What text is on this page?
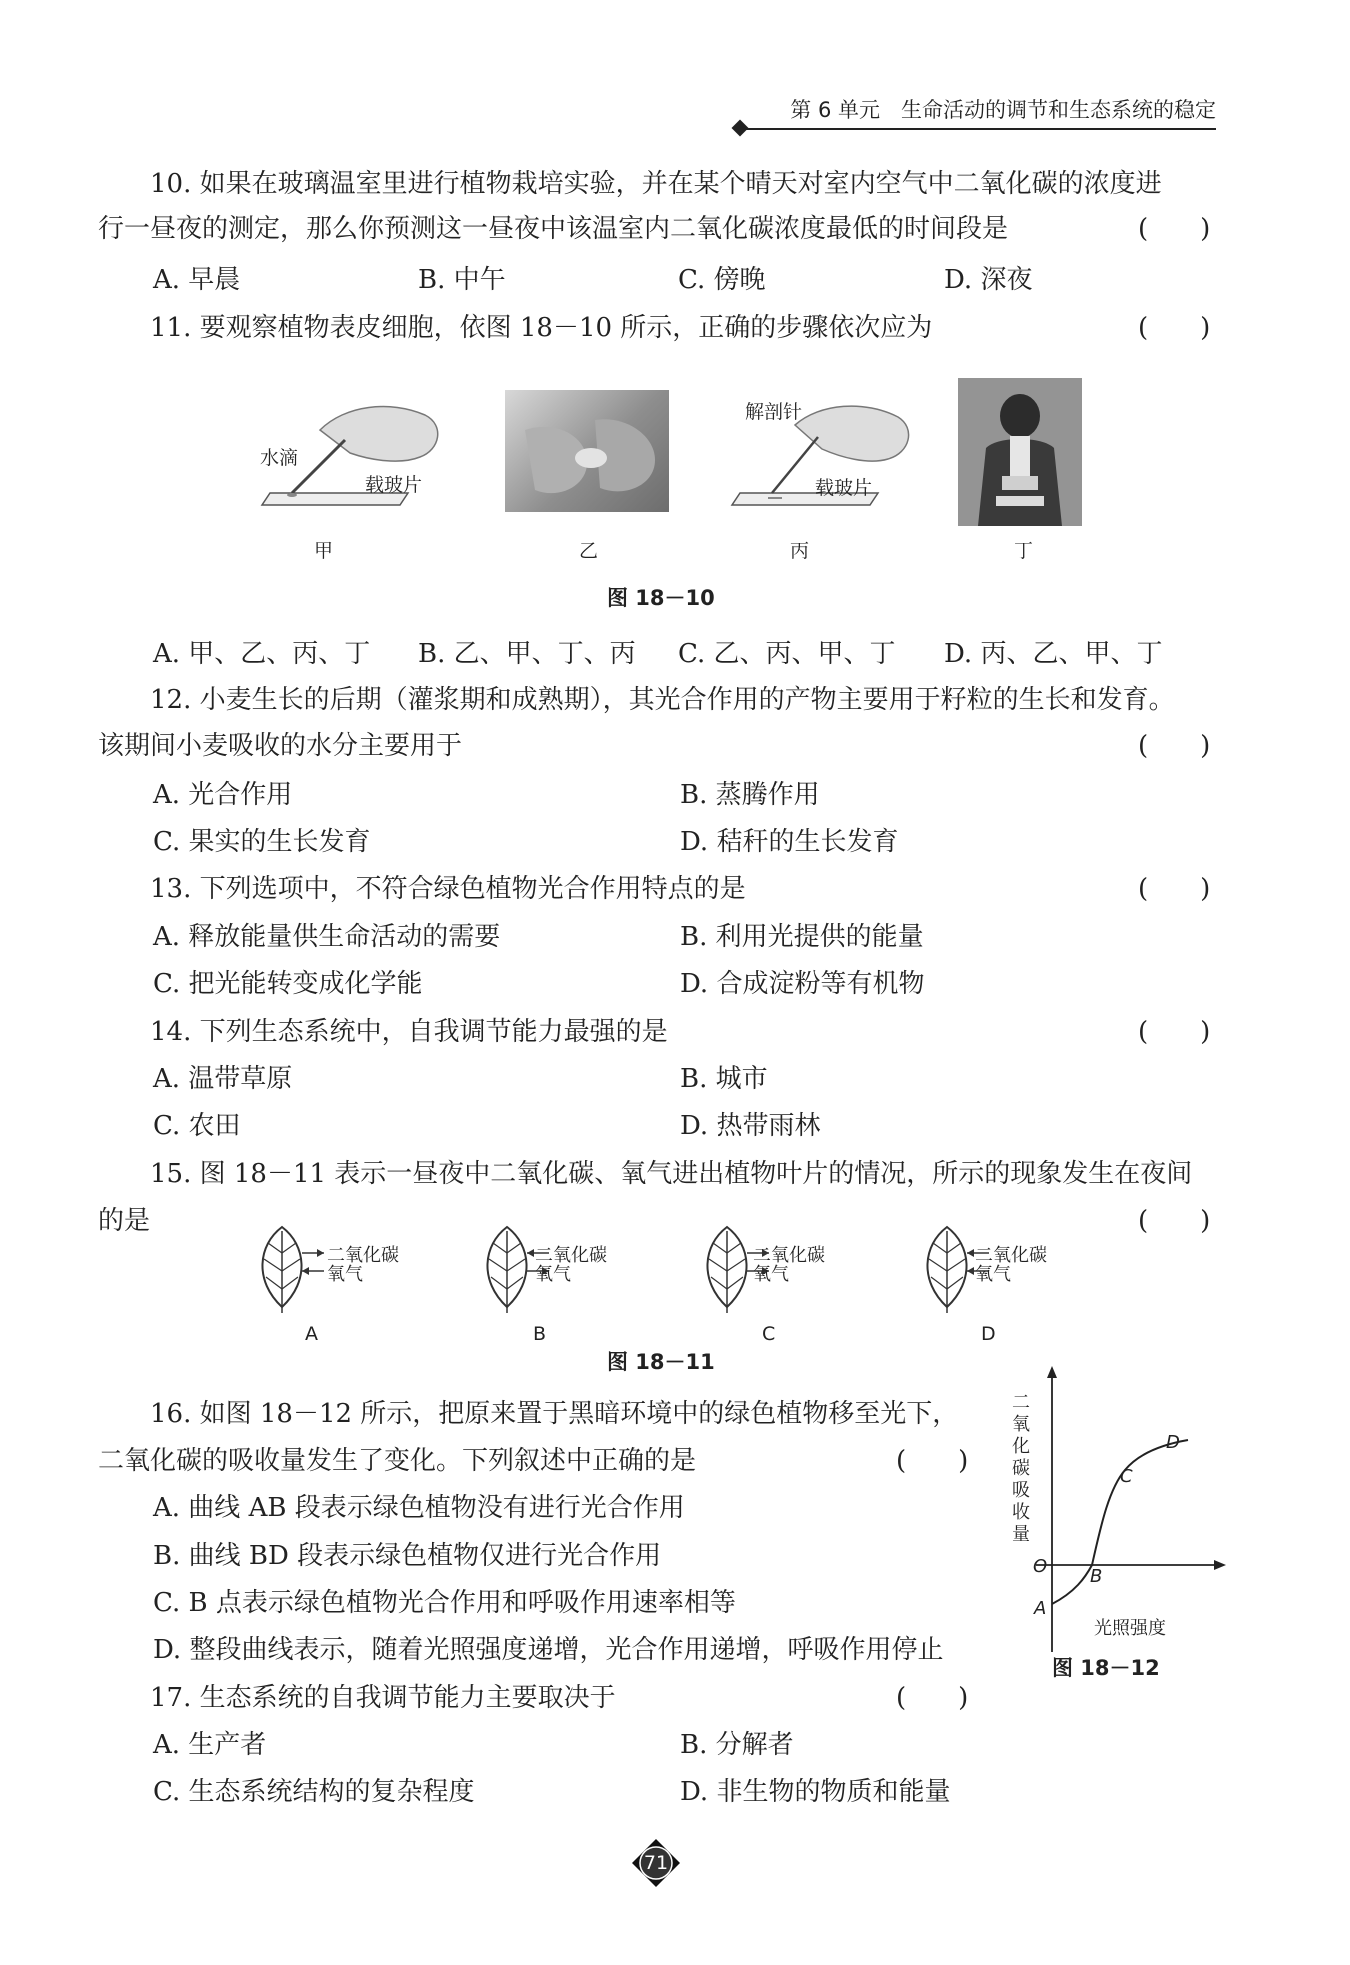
第 6 单元　生命活动的调节和生态系统的稳定
10. 如果在玻璃温室里进行植物栽培实验，并在某个晴天对室内空气中二氧化碳的浓度进
行一昼夜的测定，那么你预测这一昼夜中该温室内二氧化碳浓度最低的时间段是	(　　)
A. 早晨	B. 中午	C. 傍晚	D. 深夜
11. 要观察植物表皮细胞，依图 18－10 所示，正确的步骤依次应为	(　　)
水滴
载玻片
解剖针
载玻片
甲	乙	丙	丁
图 18－10
A. 甲、乙、丙、丁 B. 乙、甲、丁、丙 C. 乙、丙、甲、丁 D. 丙、乙、甲、丁
12. 小麦生长的后期（灌浆期和成熟期），其光合作用的产物主要用于籽粒的生长和发育。
该期间小麦吸收的水分主要用于	(　　)
A. 光合作用	B. 蒸腾作用
C. 果实的生长发育	D. 秸秆的生长发育
13. 下列选项中，不符合绿色植物光合作用特点的是	(　　)
A. 释放能量供生命活动的需要	B. 利用光提供的能量
C. 把光能转变成化学能	D. 合成淀粉等有机物
14. 下列生态系统中，自我调节能力最强的是	(　　)
A. 温带草原	B. 城市
C. 农田	D. 热带雨林
15. 图 18－11 表示一昼夜中二氧化碳、氧气进出植物叶片的情况，所示的现象发生在夜间
的是	(　　)
二氧化碳
氧气
二氧化碳
氧气
二氧化碳
氧气
二氧化碳
氧气
A	B	C	D
图 18－11
16. 如图 18－12 所示，把原来置于黑暗环境中的绿色植物移至光下，
二氧化碳的吸收量发生了变化。下列叙述中正确的是	(　　)
A. 曲线 AB 段表示绿色植物没有进行光合作用
B. 曲线 BD 段表示绿色植物仅进行光合作用
C. B 点表示绿色植物光合作用和呼吸作用速率相等
D. 整段曲线表示，随着光照强度递增，光合作用递增，呼吸作用停止
二氧化碳吸收量
O
A
B
C
D
光照强度
图 18－12
17. 生态系统的自我调节能力主要取决于	(　　)
A. 生产者	B. 分解者
C. 生态系统结构的复杂程度	D. 非生物的物质和能量
71
